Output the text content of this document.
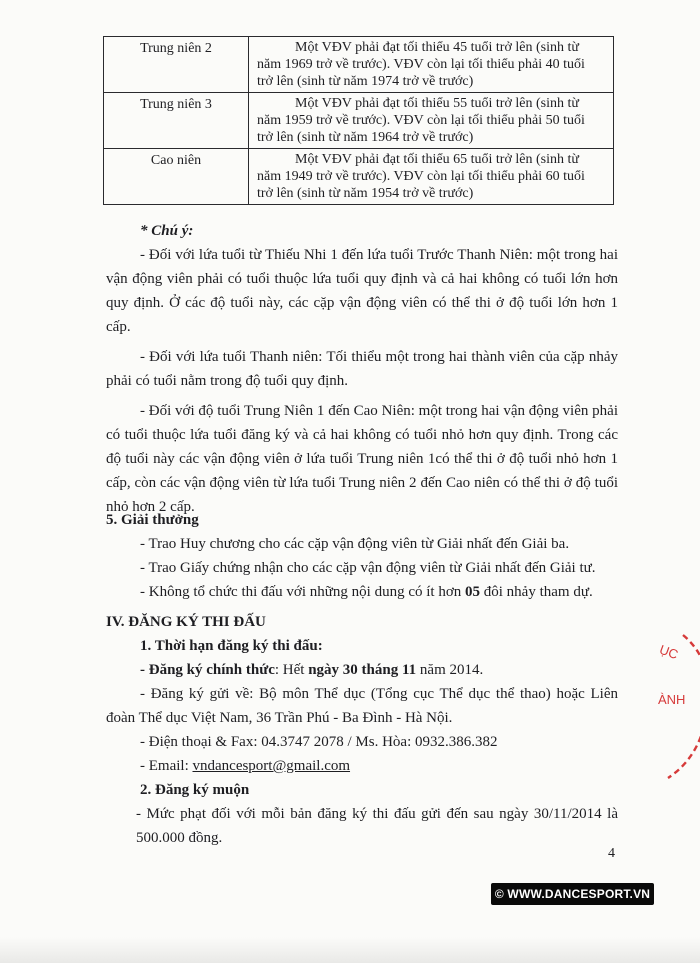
Trung niên 2	Một VĐV phải đạt tối thiểu 45 tuổi trở lên (sinh từ
năm 1969 trở về trước). VĐV còn lại tối thiểu phải 40 tuổi
trở lên (sinh từ năm 1974 trở về trước)

Trung niên 3	Một VĐV phải đạt tối thiểu 55 tuổi trở lên (sinh từ
năm 1959 trở về trước). VĐV còn lại tối thiểu phải 50 tuổi
trở lên (sinh từ năm 1964 trở về trước)

Cao niên	Một VĐV phải đạt tối thiểu 65 tuổi trở lên (sinh từ
năm 1949 trở về trước). VĐV còn lại tối thiểu phải 60 tuổi
trở lên (sinh từ năm 1954 trở về trước)

* Chú ý:

- Đối với lứa tuổi từ Thiếu Nhi 1 đến lứa tuổi Trước Thanh Niên: một trong hai vận động viên phải có tuổi thuộc lứa tuổi quy định và cả hai không có tuổi lớn hơn quy định. Ở các độ tuổi này, các cặp vận động viên có thể thi ở độ tuổi lớn hơn 1 cấp.

- Đối với lứa tuổi Thanh niên: Tối thiểu một trong hai thành viên của cặp nhảy phải có tuổi nằm trong độ tuổi quy định.

- Đối với độ tuổi Trung Niên 1 đến Cao Niên: một trong hai vận động viên phải có tuổi thuộc lứa tuổi đăng ký và cả hai không có tuổi nhỏ hơn quy định. Trong các độ tuổi này các vận động viên ở lứa tuổi Trung niên 1có thể thi ở độ tuổi nhỏ hơn 1 cấp, còn các vận động viên từ lứa tuổi Trung niên 2 đến Cao niên có thể thi ở độ tuổi nhỏ hơn 2 cấp.

5. Giải thưởng

- Trao Huy chương cho các cặp vận động viên từ Giải nhất đến Giải ba.

- Trao Giấy chứng nhận cho các cặp vận động viên từ Giải nhất đến Giải tư.

- Không tổ chức thi đấu với những nội dung có ít hơn 05 đôi nhảy tham dự.

IV. ĐĂNG KÝ THI ĐẤU

1. Thời hạn đăng ký thi đấu:

- Đăng ký chính thức: Hết ngày 30 tháng 11 năm 2014.

- Đăng ký gửi về: Bộ môn Thể dục (Tổng cục Thể dục thể thao) hoặc Liên đoàn Thể dục Việt Nam, 36 Trần Phú - Ba Đình - Hà Nội.

- Điện thoại & Fax: 04.3747 2078 / Ms. Hòa: 0932.386.382

- Email: vndancesport@gmail.com

2. Đăng ký muộn

- Mức phạt đối với mỗi bản đăng ký thi đấu gửi đến sau ngày 30/11/2014 là 500.000 đồng.

4
© WWW.DANCESPORT.VN
ỤC
ÀNH
